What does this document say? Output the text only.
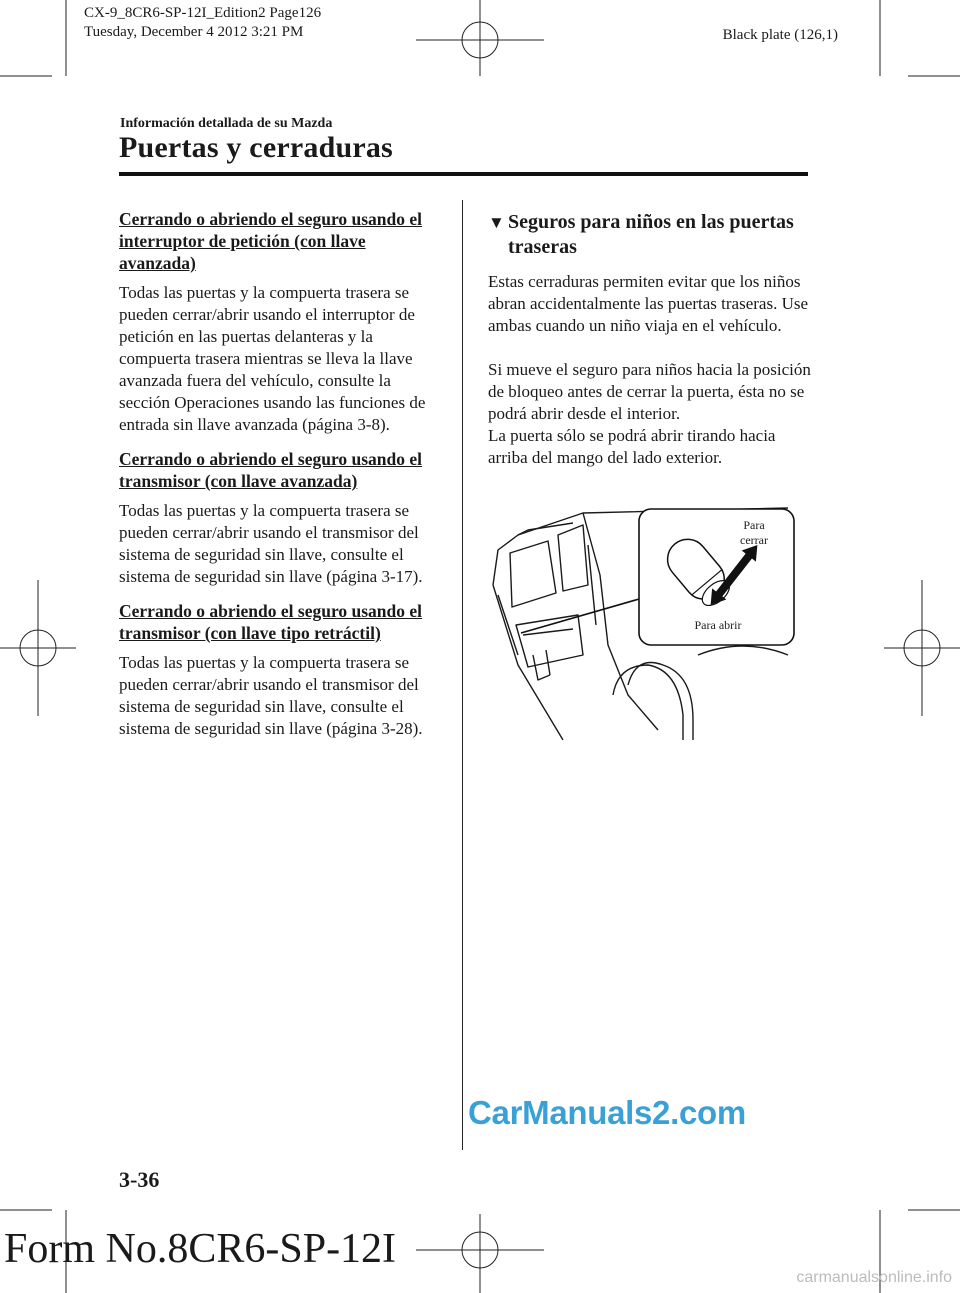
CX-9_8CR6-SP-12I_Edition2 Page126
Tuesday, December 4 2012 3:21 PM	Black plate (126,1)
Información detallada de su Mazda
Puertas y cerraduras
Cerrando o abriendo el seguro usando el interruptor de petición (con llave avanzada)

Todas las puertas y la compuerta trasera se pueden cerrar/abrir usando el interruptor de petición en las puertas delanteras y la compuerta trasera mientras se lleva la llave avanzada fuera del vehículo, consulte la sección Operaciones usando las funciones de entrada sin llave avanzada (página 3-8).

Cerrando o abriendo el seguro usando el transmisor (con llave avanzada)

Todas las puertas y la compuerta trasera se pueden cerrar/abrir usando el transmisor del sistema de seguridad sin llave, consulte el sistema de seguridad sin llave (página 3-17).

Cerrando o abriendo el seguro usando el transmisor (con llave tipo retráctil)

Todas las puertas y la compuerta trasera se pueden cerrar/abrir usando el transmisor del sistema de seguridad sin llave, consulte el sistema de seguridad sin llave (página 3-28).

▼ Seguros para niños en las puertas traseras

Estas cerraduras permiten evitar que los niños abran accidentalmente las puertas traseras. Use ambas cuando un niño viaja en el vehículo.

Si mueve el seguro para niños hacia la posición de bloqueo antes de cerrar la puerta, ésta no se podrá abrir desde el interior.

La puerta sólo se podrá abrir tirando hacia arriba del mango del lado exterior.

Para
cerrar
Para abrir
CarManuals2.com
3-36
Form No.8CR6-SP-12I
carmanualsonline.info
